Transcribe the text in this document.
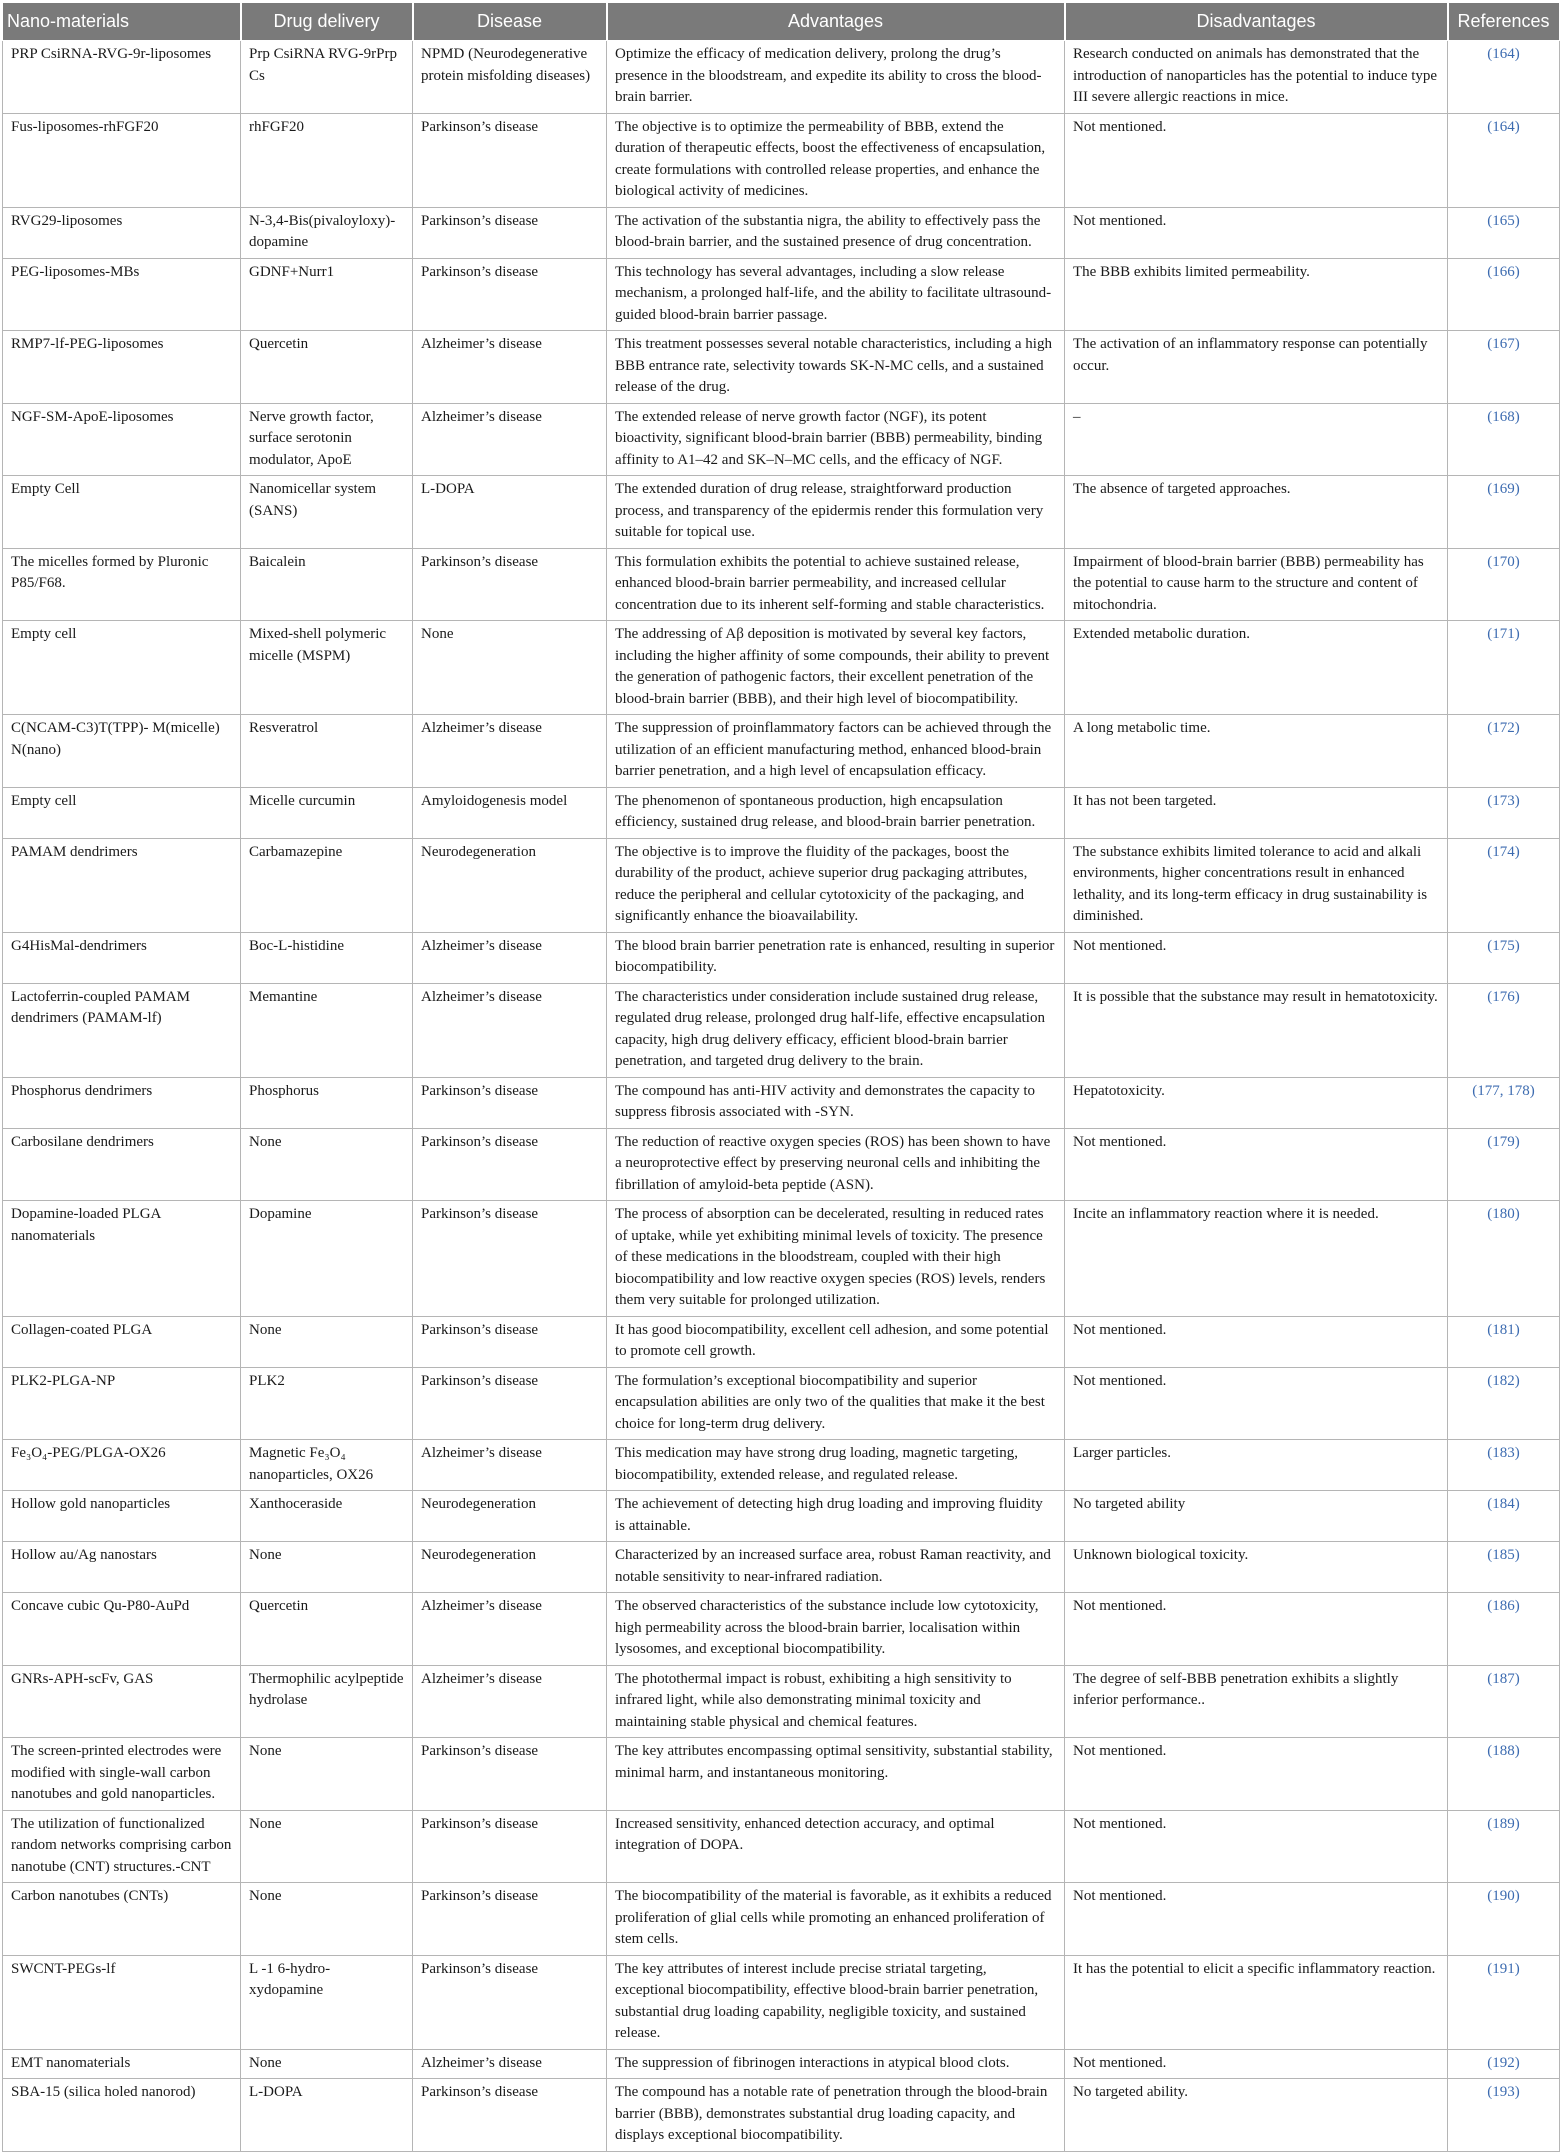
Nano-materials	Drug delivery	Disease	Advantages	Disadvantages	References
PRP CsiRNA-RVG-9r-liposomes	Prp CsiRNA RVG-9rPrp Cs	NPMD (Neurodegenerative protein misfolding diseases)	Optimize the efficacy of medication delivery, prolong the drug’s presence in the bloodstream, and expedite its ability to cross the blood-brain barrier.	Research conducted on animals has demonstrated that the introduction of nanoparticles has the potential to induce type III severe allergic reactions in mice.	(164)
Fus-liposomes-rhFGF20	rhFGF20	Parkinson’s disease	The objective is to optimize the permeability of BBB, extend the duration of therapeutic effects, boost the effectiveness of encapsulation, create formulations with controlled release properties, and enhance the biological activity of medicines.	Not mentioned.	(164)
RVG29-liposomes	N-3,4-Bis(pivaloyloxy)-dopamine	Parkinson’s disease	The activation of the substantia nigra, the ability to effectively pass the blood-brain barrier, and the sustained presence of drug concentration.	Not mentioned.	(165)
PEG-liposomes-MBs	GDNF+Nurr1	Parkinson’s disease	This technology has several advantages, including a slow release mechanism, a prolonged half-life, and the ability to facilitate ultrasound-guided blood-brain barrier passage.	The BBB exhibits limited permeability.	(166)
RMP7-lf-PEG-liposomes	Quercetin	Alzheimer’s disease	This treatment possesses several notable characteristics, including a high BBB entrance rate, selectivity towards SK-N-MC cells, and a sustained release of the drug.	The activation of an inflammatory response can potentially occur.	(167)
NGF-SM-ApoE-liposomes	Nerve growth factor, surface serotonin modulator, ApoE	Alzheimer’s disease	The extended release of nerve growth factor (NGF), its potent bioactivity, significant blood-brain barrier (BBB) permeability, binding affinity to A1–42 and SK–N–MC cells, and the efficacy of NGF.	–	(168)
Empty Cell	Nanomicellar system (SANS)	L-DOPA	The extended duration of drug release, straightforward production process, and transparency of the epidermis render this formulation very suitable for topical use.	The absence of targeted approaches.	(169)
The micelles formed by Pluronic P85/F68.	Baicalein	Parkinson’s disease	This formulation exhibits the potential to achieve sustained release, enhanced blood-brain barrier permeability, and increased cellular concentration due to its inherent self-forming and stable characteristics.	Impairment of blood-brain barrier (BBB) permeability has the potential to cause harm to the structure and content of mitochondria.	(170)
Empty cell	Mixed-shell polymeric micelle (MSPM)	None	The addressing of Aβ deposition is motivated by several key factors, including the higher affinity of some compounds, their ability to prevent the generation of pathogenic factors, their excellent penetration of the blood-brain barrier (BBB), and their high level of biocompatibility.	Extended metabolic duration.	(171)
C(NCAM-C3)T(TPP)- M(micelle) N(nano)	Resveratrol	Alzheimer’s disease	The suppression of proinflammatory factors can be achieved through the utilization of an efficient manufacturing method, enhanced blood-brain barrier penetration, and a high level of encapsulation efficacy.	A long metabolic time.	(172)
Empty cell	Micelle curcumin	Amyloidogenesis model	The phenomenon of spontaneous production, high encapsulation efficiency, sustained drug release, and blood-brain barrier penetration.	It has not been targeted.	(173)
PAMAM dendrimers	Carbamazepine	Neurodegeneration	The objective is to improve the fluidity of the packages, boost the durability of the product, achieve superior drug packaging attributes, reduce the peripheral and cellular cytotoxicity of the packaging, and significantly enhance the bioavailability.	The substance exhibits limited tolerance to acid and alkali environments, higher concentrations result in enhanced lethality, and its long-term efficacy in drug sustainability is diminished.	(174)
G4HisMal-dendrimers	Boc-L-histidine	Alzheimer’s disease	The blood brain barrier penetration rate is enhanced, resulting in superior biocompatibility.	Not mentioned.	(175)
Lactoferrin-coupled PAMAM dendrimers (PAMAM-lf)	Memantine	Alzheimer’s disease	The characteristics under consideration include sustained drug release, regulated drug release, prolonged drug half-life, effective encapsulation capacity, high drug delivery efficacy, efficient blood-brain barrier penetration, and targeted drug delivery to the brain.	It is possible that the substance may result in hematotoxicity.	(176)
Phosphorus dendrimers	Phosphorus	Parkinson’s disease	The compound has anti-HIV activity and demonstrates the capacity to suppress fibrosis associated with -SYN.	Hepatotoxicity.	(177, 178)
Carbosilane dendrimers	None	Parkinson’s disease	The reduction of reactive oxygen species (ROS) has been shown to have a neuroprotective effect by preserving neuronal cells and inhibiting the fibrillation of amyloid-beta peptide (ASN).	Not mentioned.	(179)
Dopamine-loaded PLGA nanomaterials	Dopamine	Parkinson’s disease	The process of absorption can be decelerated, resulting in reduced rates of uptake, while yet exhibiting minimal levels of toxicity. The presence of these medications in the bloodstream, coupled with their high biocompatibility and low reactive oxygen species (ROS) levels, renders them very suitable for prolonged utilization.	Incite an inflammatory reaction where it is needed.	(180)
Collagen-coated PLGA	None	Parkinson’s disease	It has good biocompatibility, excellent cell adhesion, and some potential to promote cell growth.	Not mentioned.	(181)
PLK2-PLGA-NP	PLK2	Parkinson’s disease	The formulation’s exceptional biocompatibility and superior encapsulation abilities are only two of the qualities that make it the best choice for long-term drug delivery.	Not mentioned.	(182)
Fe₃O₄-PEG/PLGA-OX26	Magnetic Fe₃O₄ nanoparticles, OX26	Alzheimer’s disease	This medication may have strong drug loading, magnetic targeting, biocompatibility, extended release, and regulated release.	Larger particles.	(183)
Hollow gold nanoparticles	Xanthoceraside	Neurodegeneration	The achievement of detecting high drug loading and improving fluidity is attainable.	No targeted ability	(184)
Hollow au/Ag nanostars	None	Neurodegeneration	Characterized by an increased surface area, robust Raman reactivity, and notable sensitivity to near-infrared radiation.	Unknown biological toxicity.	(185)
Concave cubic Qu-P80-AuPd	Quercetin	Alzheimer’s disease	The observed characteristics of the substance include low cytotoxicity, high permeability across the blood-brain barrier, localisation within lysosomes, and exceptional biocompatibility.	Not mentioned.	(186)
GNRs-APH-scFv, GAS	Thermophilic acylpeptide hydrolase	Alzheimer’s disease	The photothermal impact is robust, exhibiting a high sensitivity to infrared light, while also demonstrating minimal toxicity and maintaining stable physical and chemical features.	The degree of self-BBB penetration exhibits a slightly inferior performance..	(187)
The screen-printed electrodes were modified with single-wall carbon nanotubes and gold nanoparticles.	None	Parkinson’s disease	The key attributes encompassing optimal sensitivity, substantial stability, minimal harm, and instantaneous monitoring.	Not mentioned.	(188)
The utilization of functionalized random networks comprising carbon nanotube (CNT) structures.-CNT	None	Parkinson’s disease	Increased sensitivity, enhanced detection accuracy, and optimal integration of DOPA.	Not mentioned.	(189)
Carbon nanotubes (CNTs)	None	Parkinson’s disease	The biocompatibility of the material is favorable, as it exhibits a reduced proliferation of glial cells while promoting an enhanced proliferation of stem cells.	Not mentioned.	(190)
SWCNT-PEGs-lf	L -1 6-hydro-xydopamine	Parkinson’s disease	The key attributes of interest include precise striatal targeting, exceptional biocompatibility, effective blood-brain barrier penetration, substantial drug loading capability, negligible toxicity, and sustained release.	It has the potential to elicit a specific inflammatory reaction.	(191)
EMT nanomaterials	None	Alzheimer’s disease	The suppression of fibrinogen interactions in atypical blood clots.	Not mentioned.	(192)
SBA-15 (silica holed nanorod)	L-DOPA	Parkinson’s disease	The compound has a notable rate of penetration through the blood-brain barrier (BBB), demonstrates substantial drug loading capacity, and displays exceptional biocompatibility.	No targeted ability.	(193)
